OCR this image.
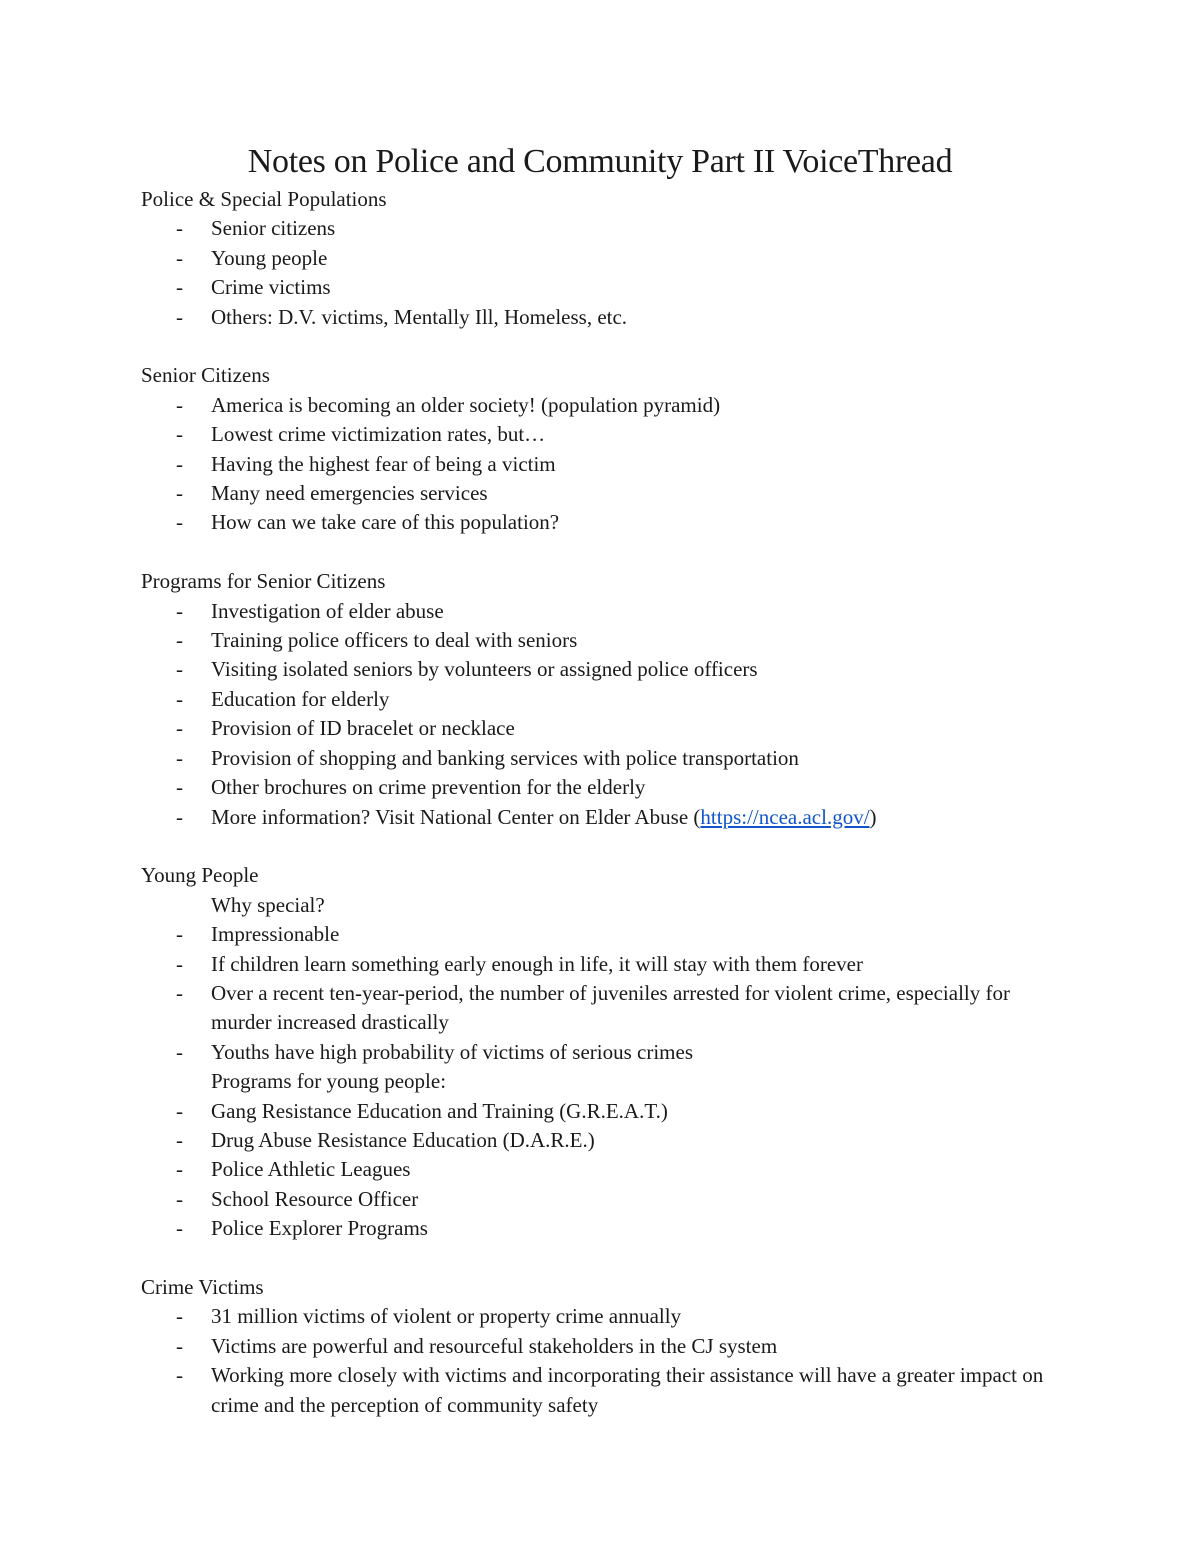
Notes on Police and Community Part II VoiceThread

Police & Special Populations

- Senior citizens
- Young people
- Crime victims
- Others: D.V. victims, Mentally Ill, Homeless, etc.

Senior Citizens

- America is becoming an older society! (population pyramid)
- Lowest crime victimization rates, but…
- Having the highest fear of being a victim
- Many need emergencies services
- How can we take care of this population?

Programs for Senior Citizens

- Investigation of elder abuse
- Training police officers to deal with seniors
- Visiting isolated seniors by volunteers or assigned police officers
- Education for elderly
- Provision of ID bracelet or necklace
- Provision of shopping and banking services with police transportation
- Other brochures on crime prevention for the elderly
- More information? Visit National Center on Elder Abuse (https://ncea.acl.gov/)

Young People

Why special?
- Impressionable
- If children learn something early enough in life, it will stay with them forever
- Over a recent ten-year-period, the number of juveniles arrested for violent crime, especially for murder increased drastically
- Youths have high probability of victims of serious crimes
Programs for young people:
- Gang Resistance Education and Training (G.R.E.A.T.)
- Drug Abuse Resistance Education (D.A.R.E.)
- Police Athletic Leagues
- School Resource Officer
- Police Explorer Programs

Crime Victims

- 31 million victims of violent or property crime annually
- Victims are powerful and resourceful stakeholders in the CJ system
- Working more closely with victims and incorporating their assistance will have a greater impact on crime and the perception of community safety
